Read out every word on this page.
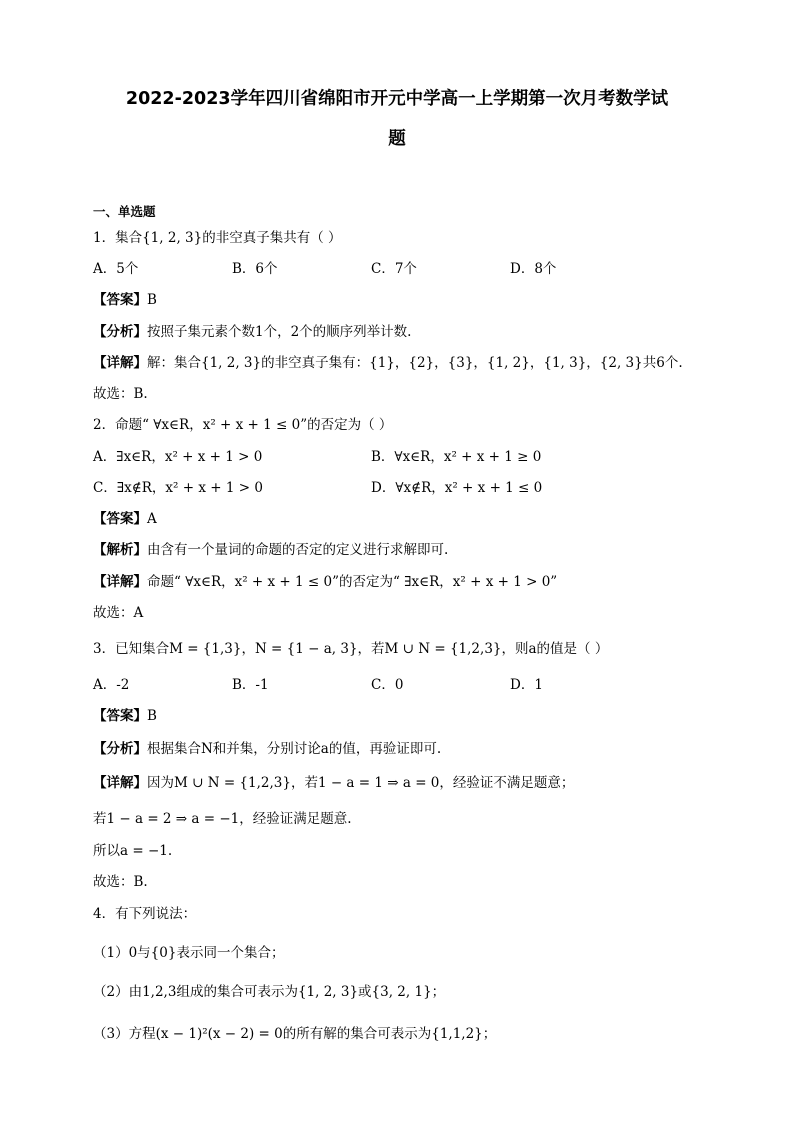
2022-2023学年四川省绵阳市开元中学高一上学期第一次月考数学试
题
一、单选题
1．集合{1, 2, 3}的非空真子集共有（ ）
A．5个	B．6个	C．7个	D．8个
【答案】B
【分析】按照子集元素个数1个，2个的顺序列举计数.
【详解】解：集合{1, 2, 3}的非空真子集有：{1}，{2}，{3}，{1, 2}，{1, 3}，{2, 3}共6个.
故选：B.
2．命题“ ∀x∈R，x² + x + 1 ≤ 0”的否定为（ ）
A．∃x∈R，x² + x + 1 > 0	B．∀x∈R，x² + x + 1 ≥ 0
C．∃x∉R，x² + x + 1 > 0	D．∀x∉R，x² + x + 1 ≤ 0
【答案】A
【解析】由含有一个量词的命题的否定的定义进行求解即可.
【详解】命题“ ∀x∈R，x² + x + 1 ≤ 0”的否定为“ ∃x∈R，x² + x + 1 > 0”
故选：A
3．已知集合M = {1,3}，N = {1 − a, 3}，若M ∪ N = {1,2,3}，则a的值是（ ）
A．-2	B．-1	C．0	D．1
【答案】B
【分析】根据集合N和并集，分别讨论a的值，再验证即可.
【详解】因为M ∪ N = {1,2,3}，若1 − a = 1 ⇒ a = 0，经验证不满足题意；
若1 − a = 2 ⇒ a = −1，经验证满足题意.
所以a = −1.
故选：B.
4．有下列说法：
（1）0与{0}表示同一个集合；
（2）由1,2,3组成的集合可表示为{1, 2, 3}或{3, 2, 1}；
（3）方程(x − 1)²(x − 2) = 0的所有解的集合可表示为{1,1,2}；
